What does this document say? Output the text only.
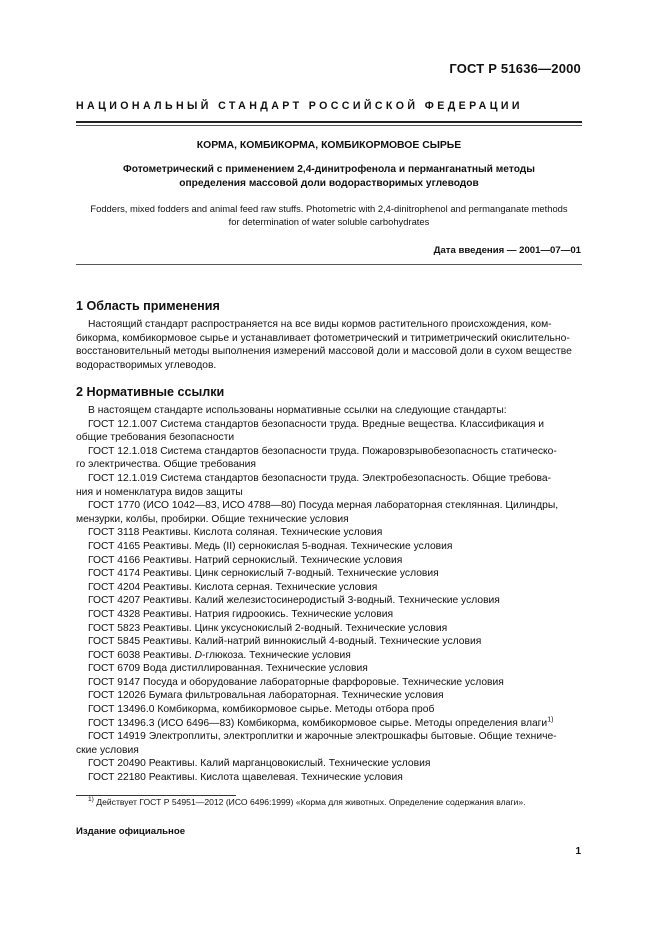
ГОСТ Р 51636—2000
НАЦИОНАЛЬНЫЙ СТАНДАРТ РОССИЙСКОЙ ФЕДЕРАЦИИ
КОРМА, КОМБИКОРМА, КОМБИКОРМОВОЕ СЫРЬЕ
Фотометрический с применением 2,4-динитрофенола и перманганатный методы
определения массовой доли водорастворимых углеводов
Fodders, mixed fodders and animal feed raw stuffs. Photometric with 2,4-dinitrophenol and permanganate methods
for determination of water soluble carbohydrates
Дата введения — 2001—07—01

1 Область применения

Настоящий стандарт распространяется на все виды кормов растительного происхождения, ком-
бикорма, комбикормовое сырье и устанавливает фотометрический и титриметрический окислительно-
восстановительный методы выполнения измерений массовой доли и массовой доли в сухом веществе
водорастворимых углеводов.

2 Нормативные ссылки

В настоящем стандарте использованы нормативные ссылки на следующие стандарты:
ГОСТ 12.1.007 Система стандартов безопасности труда. Вредные вещества. Классификация и
общие требования безопасности
ГОСТ 12.1.018 Система стандартов безопасности труда. Пожаровзрывобезопасность статическо-
го электричества. Общие требования
ГОСТ 12.1.019 Система стандартов безопасности труда. Электробезопасность. Общие требова-
ния и номенклатура видов защиты
ГОСТ 1770 (ИСО 1042—83, ИСО 4788—80) Посуда мерная лабораторная стеклянная. Цилиндры,
мензурки, колбы, пробирки. Общие технические условия
ГОСТ 3118 Реактивы. Кислота соляная. Технические условия
ГОСТ 4165 Реактивы. Медь (II) сернокислая 5-водная. Технические условия
ГОСТ 4166 Реактивы. Натрий сернокислый. Технические условия
ГОСТ 4174 Реактивы. Цинк сернокислый 7-водный. Технические условия
ГОСТ 4204 Реактивы. Кислота серная. Технические условия
ГОСТ 4207 Реактивы. Калий железистосинеродистый 3-водный. Технические условия
ГОСТ 4328 Реактивы. Натрия гидроокись. Технические условия
ГОСТ 5823 Реактивы. Цинк уксуснокислый 2-водный. Технические условия
ГОСТ 5845 Реактивы. Калий-натрий виннокислый 4-водный. Технические условия
ГОСТ 6038 Реактивы. D-глюкоза. Технические условия
ГОСТ 6709 Вода дистиллированная. Технические условия
ГОСТ 9147 Посуда и оборудование лабораторные фарфоровые. Технические условия
ГОСТ 12026 Бумага фильтровальная лабораторная. Технические условия
ГОСТ 13496.0 Комбикорма, комбикормовое сырье. Методы отбора проб
ГОСТ 13496.3 (ИСО 6496—83) Комбикорма, комбикормовое сырье. Методы определения влаги$^{1)}$
ГОСТ 14919 Электроплиты, электроплитки и жарочные электрошкафы бытовые. Общие техниче-
ские условия
ГОСТ 20490 Реактивы. Калий марганцовокислый. Технические условия
ГОСТ 22180 Реактивы. Кислота щавелевая. Технические условия
$^{1)}$ Действует ГОСТ Р 54951—2012 (ИСО 6496:1999) «Корма для животных. Определение содержания влаги».
Издание официальное
1
